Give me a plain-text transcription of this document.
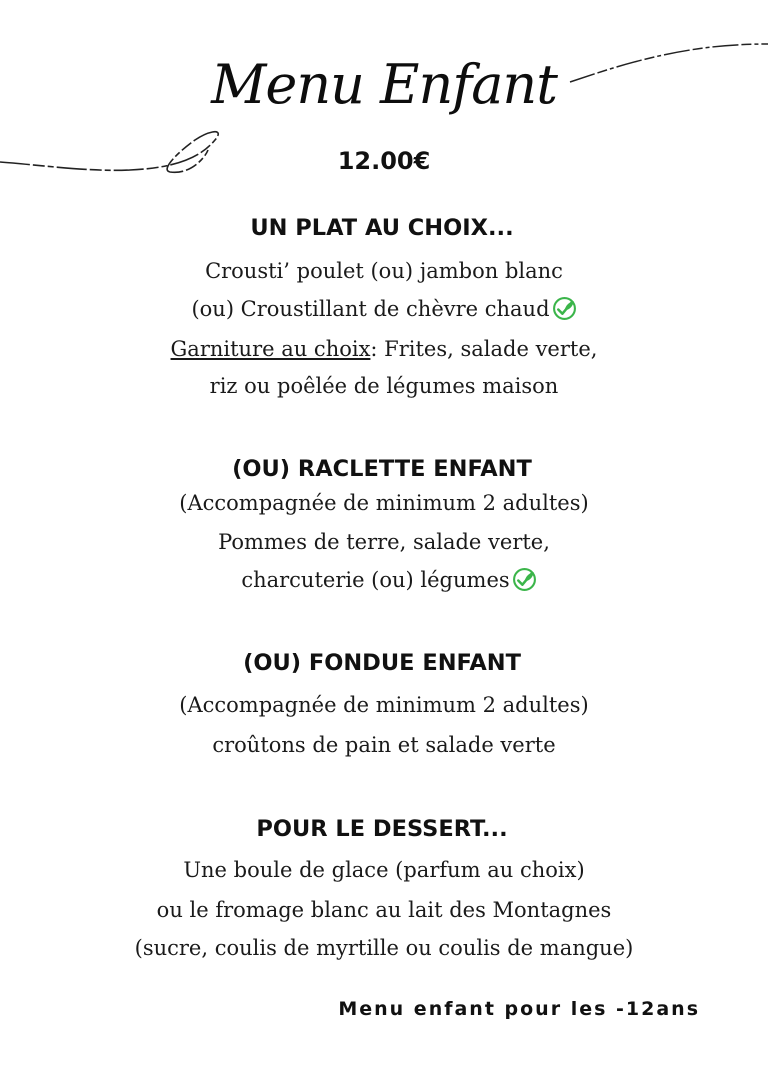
Menu Enfant
12.00€
UN PLAT AU CHOIX...
Crousti’ poulet (ou) jambon blanc
(ou) Croustillant de chèvre chaud
Garniture au choix: Frites, salade verte,
riz ou poêlée de légumes maison
(OU) RACLETTE ENFANT
(Accompagnée de minimum 2 adultes)
Pommes de terre, salade verte,
charcuterie (ou) légumes
(OU) FONDUE ENFANT
(Accompagnée de minimum 2 adultes)
croûtons de pain et salade verte
POUR LE DESSERT...
Une boule de glace (parfum au choix)
ou le fromage blanc au lait des Montagnes
(sucre, coulis de myrtille ou coulis de mangue)
Menu enfant pour les -12ans
